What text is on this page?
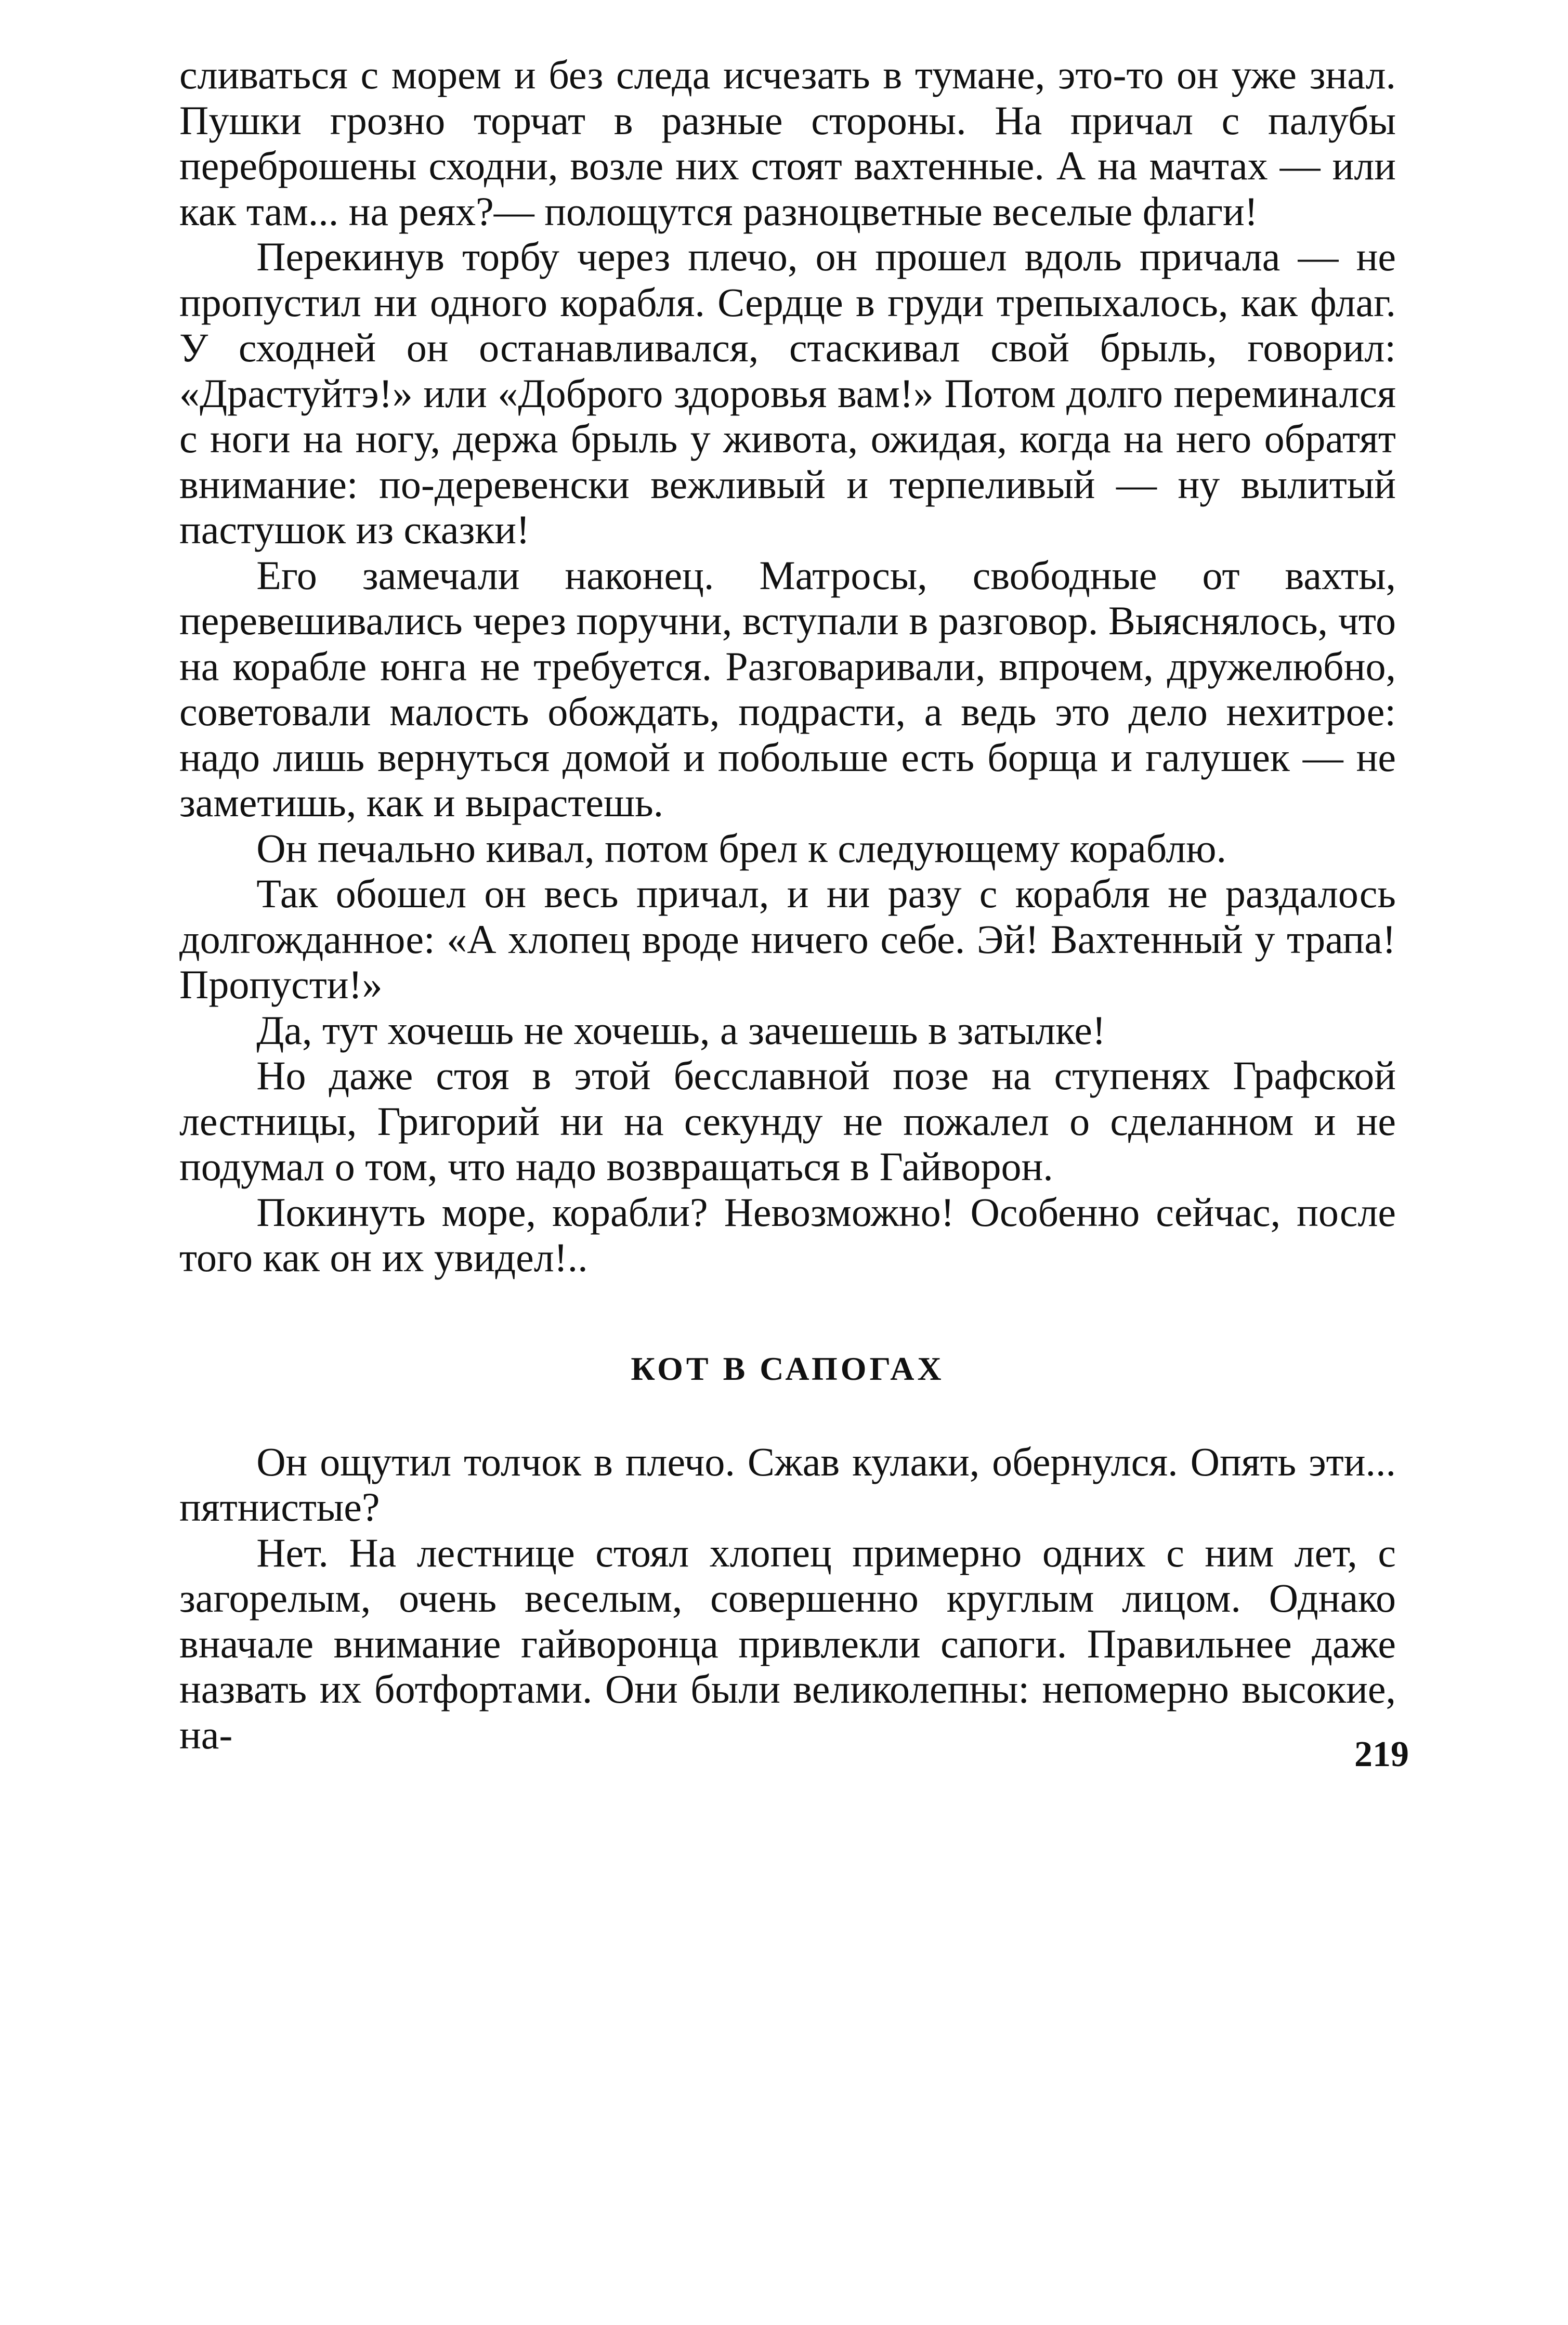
сливаться с морем и без следа исчезать в тумане, это-то он уже знал. Пушки грозно торчат в разные стороны. На причал с палубы переброшены сходни, возле них стоят вахтенные. А на мачтах — или как там... на реях?— полощутся разноцветные веселые флаги!

Перекинув торбу через плечо, он прошел вдоль причала — не пропустил ни одного корабля. Сердце в груди трепыхалось, как флаг. У сходней он останавливался, стаскивал свой брыль, говорил: «Драстуйтэ!» или «Доброго здоровья вам!» Потом долго переминался с ноги на ногу, держа брыль у живота, ожидая, когда на него обратят внимание: по-деревенски вежливый и терпеливый — ну вылитый пастушок из сказки!

Его замечали наконец. Матросы, свободные от вахты, перевешивались через поручни, вступали в разговор. Выяснялось, что на корабле юнга не требуется. Разговаривали, впрочем, дружелюбно, советовали малость обождать, подрасти, а ведь это дело нехитрое: надо лишь вернуться домой и побольше есть борща и галушек — не заметишь, как и вырастешь.

Он печально кивал, потом брел к следующему кораблю.

Так обошел он весь причал, и ни разу с корабля не раздалось долгожданное: «А хлопец вроде ничего себе. Эй! Вахтенный у трапа! Пропусти!»

Да, тут хочешь не хочешь, а зачешешь в затылке!

Но даже стоя в этой бесславной позе на ступенях Графской лестницы, Григорий ни на секунду не пожалел о сделанном и не подумал о том, что надо возвращаться в Гайворон.

Покинуть море, корабли? Невозможно! Особенно сейчас, после того как он их увидел!..

КОТ В САПОГАХ

Он ощутил толчок в плечо. Сжав кулаки, обернулся. Опять эти... пятнистые?

Нет. На лестнице стоял хлопец примерно одних с ним лет, с загорелым, очень веселым, совершенно круглым лицом. Однако вначале внимание гайворонца привлекли сапоги. Правильнее даже назвать их ботфортами. Они были великолепны: непомерно высокие, на-	219
